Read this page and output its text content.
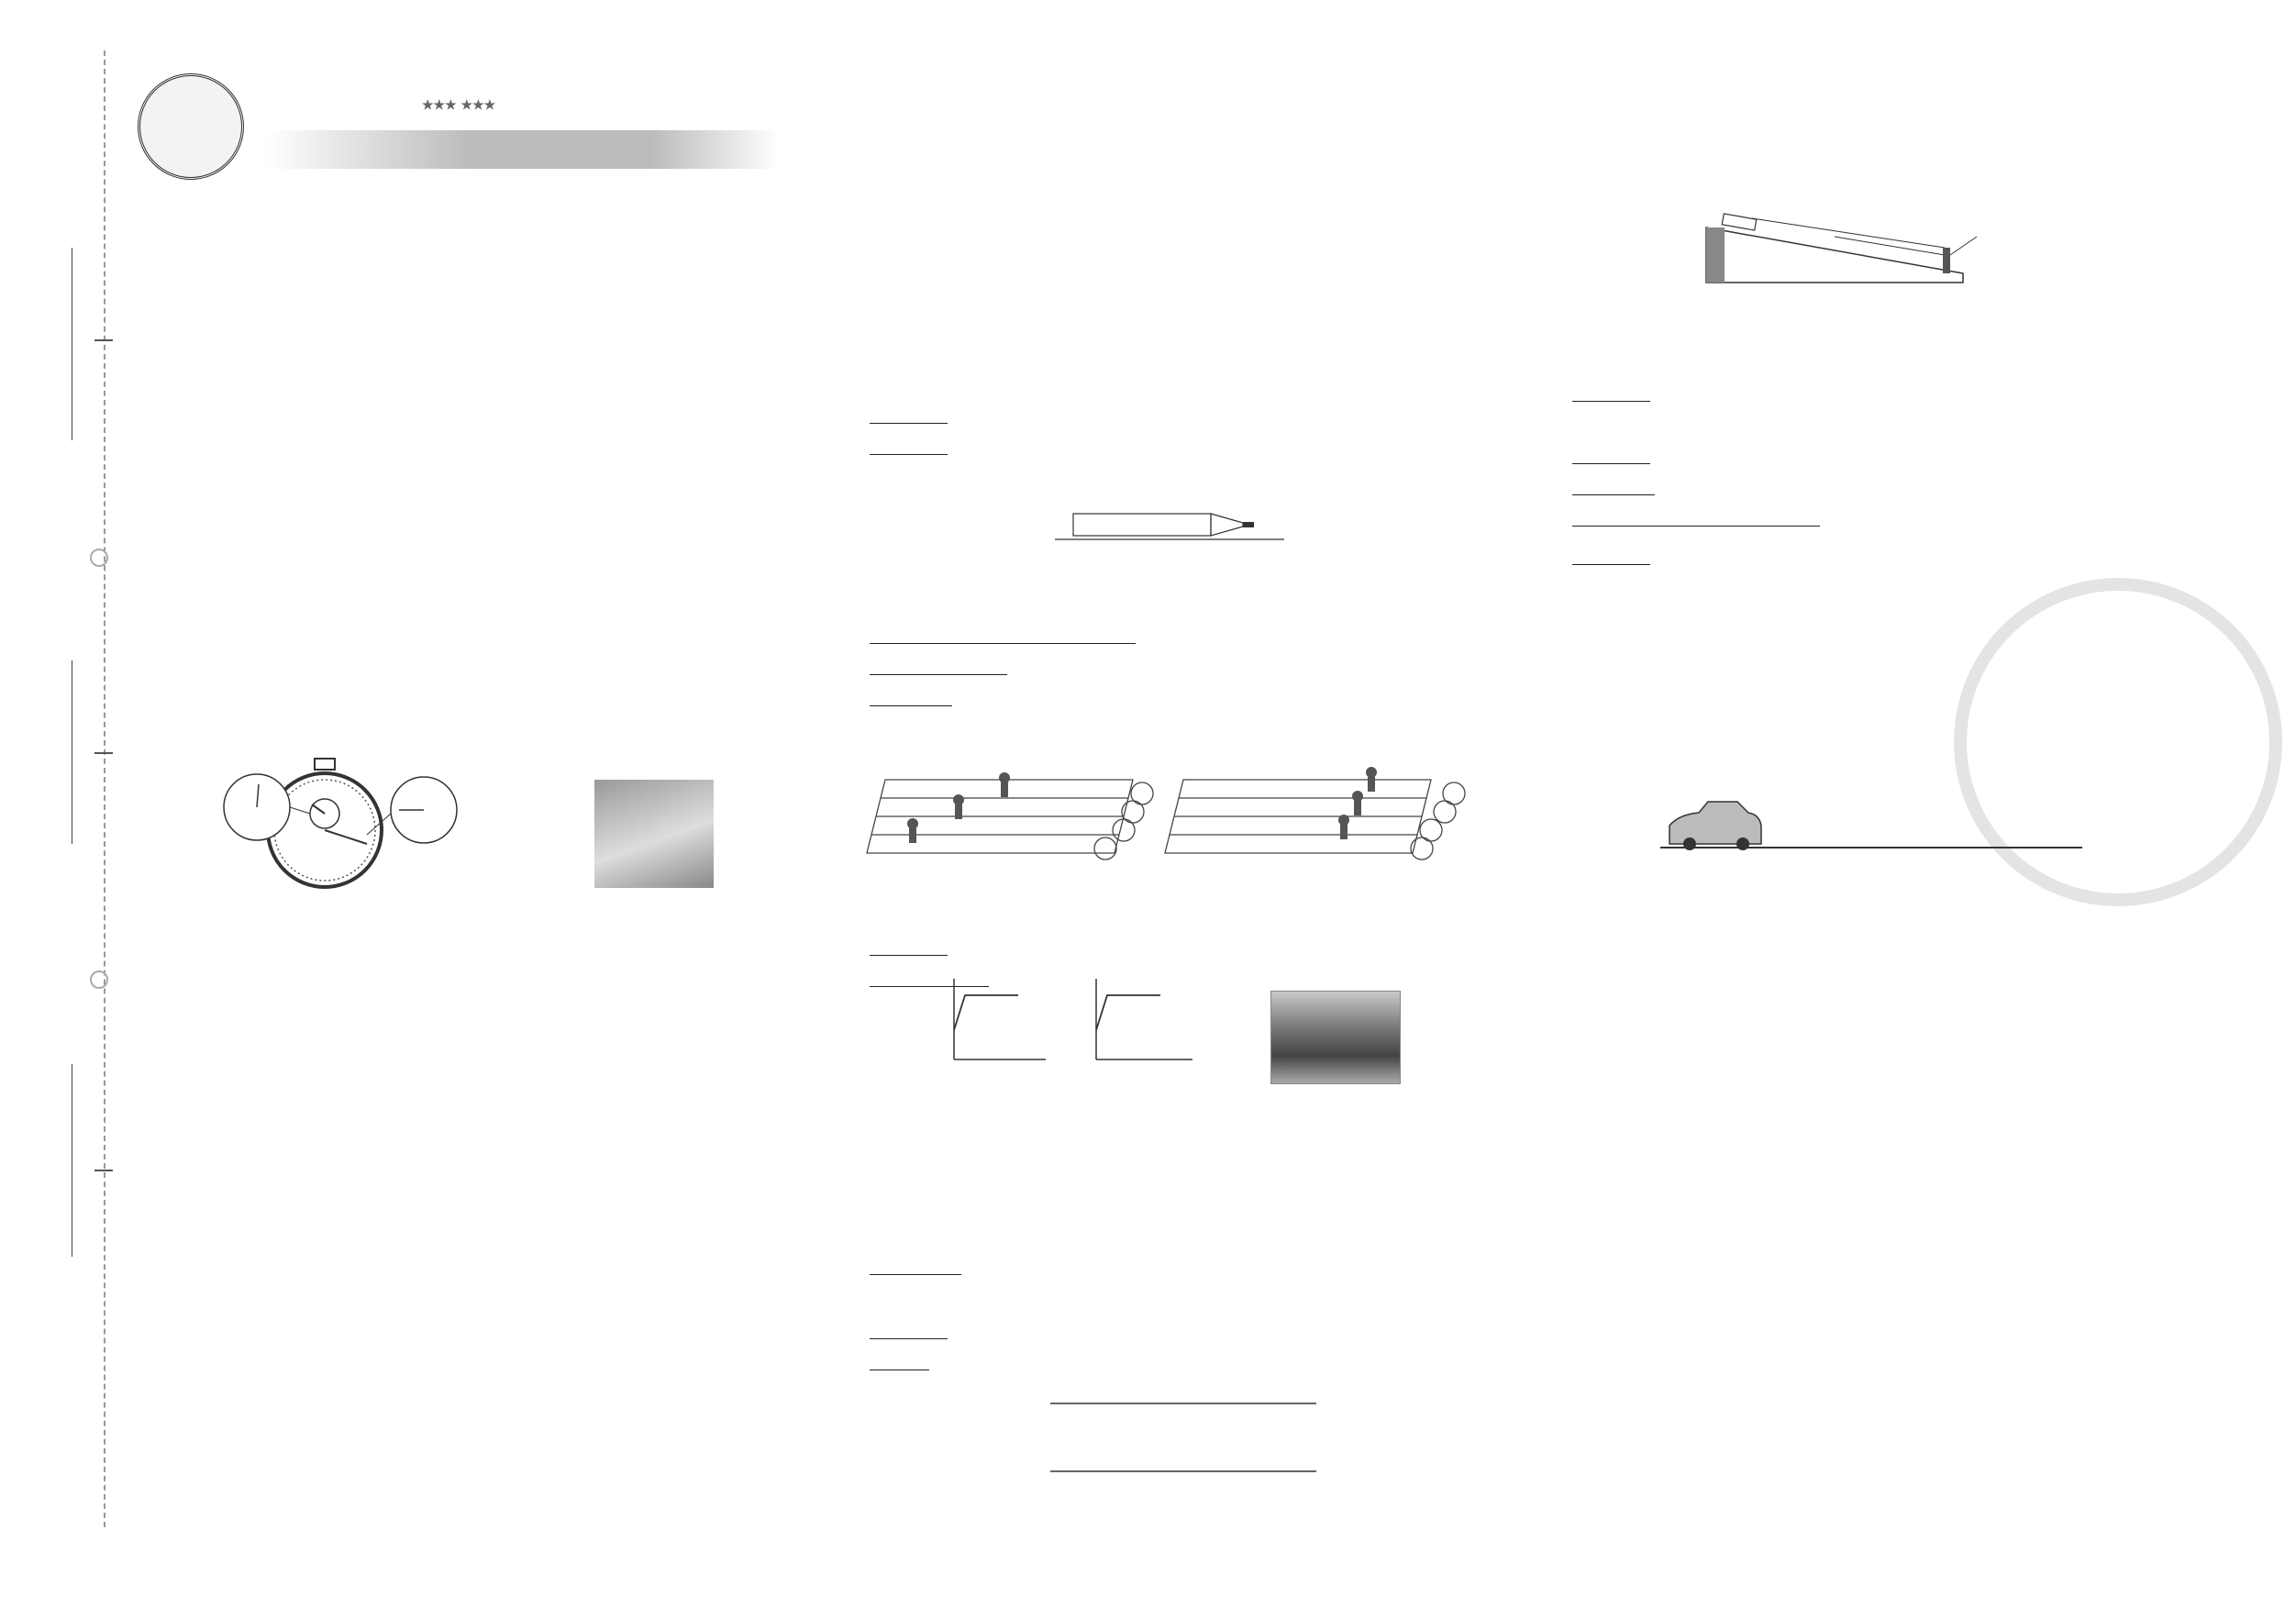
★★★ ★★★
